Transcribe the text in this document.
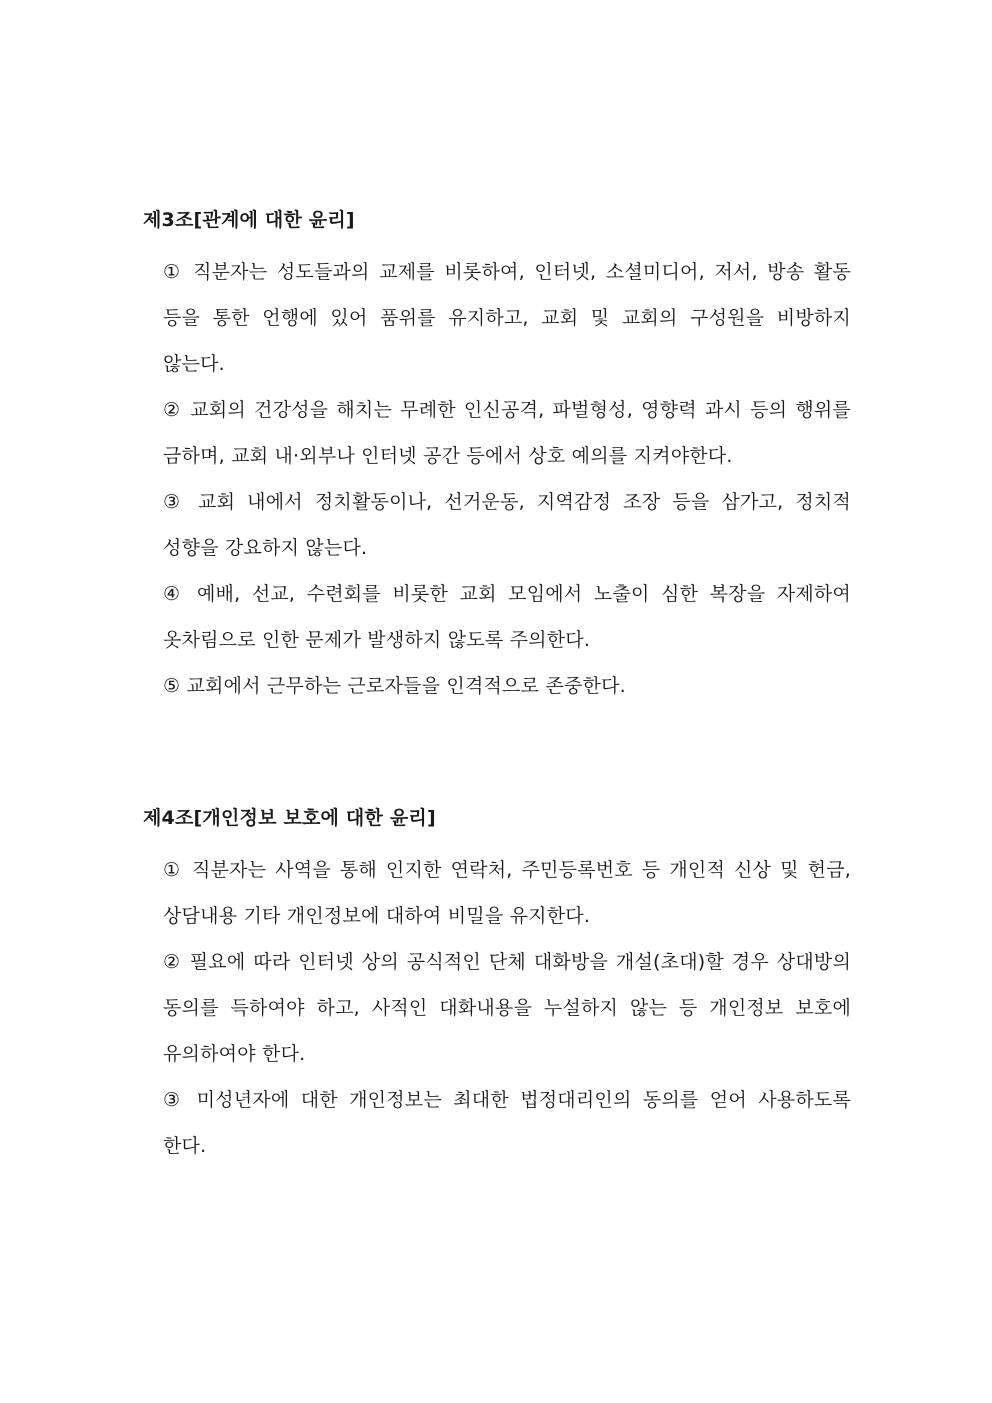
제3조[관계에 대한 윤리]

① 직분자는 성도들과의 교제를 비롯하여, 인터넷, 소셜미디어, 저서, 방송 활동 등을 통한 언행에 있어 품위를 유지하고, 교회 및 교회의 구성원을 비방하지 않는다.

② 교회의 건강성을 해치는 무례한 인신공격, 파벌형성, 영향력 과시 등의 행위를 금하며, 교회 내·외부나 인터넷 공간 등에서 상호 예의를 지켜야한다.

③ 교회 내에서 정치활동이나, 선거운동, 지역감정 조장 등을 삼가고, 정치적 성향을 강요하지 않는다.

④ 예배, 선교, 수련회를 비롯한 교회 모임에서 노출이 심한 복장을 자제하여 옷차림으로 인한 문제가 발생하지 않도록 주의한다.

⑤ 교회에서 근무하는 근로자들을 인격적으로 존중한다.

제4조[개인정보 보호에 대한 윤리]

① 직분자는 사역을 통해 인지한 연락처, 주민등록번호 등 개인적 신상 및 헌금, 상담내용 기타 개인정보에 대하여 비밀을 유지한다.

② 필요에 따라 인터넷 상의 공식적인 단체 대화방을 개설(초대)할 경우 상대방의 동의를 득하여야 하고, 사적인 대화내용을 누설하지 않는 등 개인정보 보호에 유의하여야 한다.

③ 미성년자에 대한 개인정보는 최대한 법정대리인의 동의를 얻어 사용하도록 한다.
